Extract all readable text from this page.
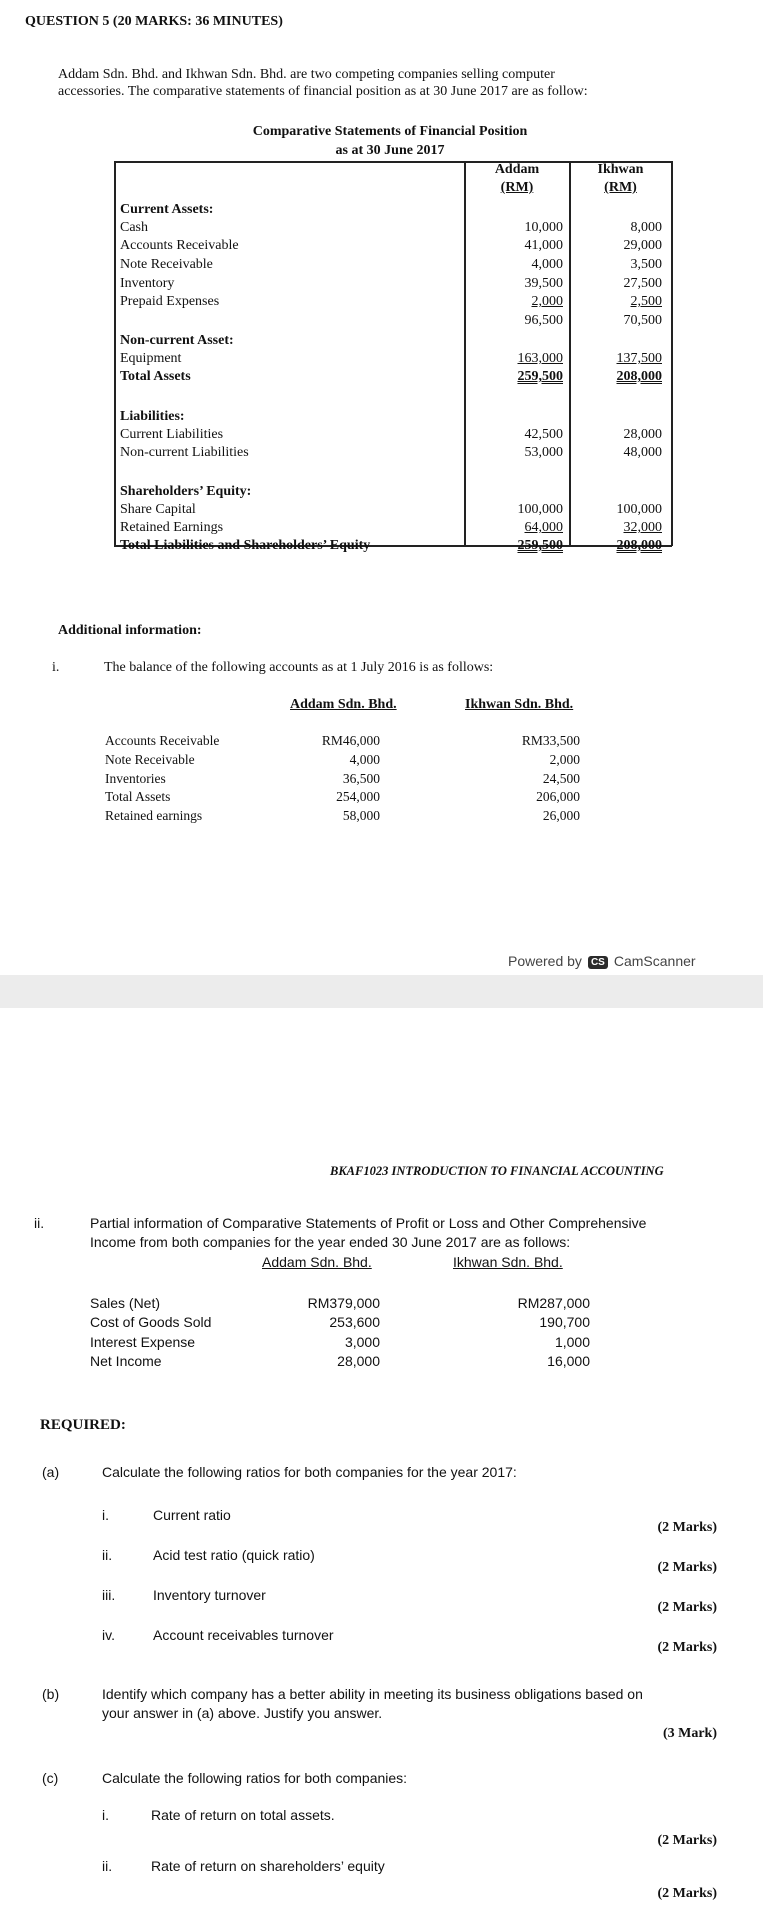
QUESTION 5 (20 MARKS: 36 MINUTES)
Addam Sdn. Bhd. and Ikhwan Sdn. Bhd. are two competing companies selling computer
accessories. The comparative statements of financial position as at 30 June 2017 are as follow:
Comparative Statements of Financial Position
as at 30 June 2017
Addam
(RM)
Ikhwan
(RM)
Current Assets:
Cash	10,000	8,000
Accounts Receivable	41,000	29,000
Note Receivable	4,000	3,500
Inventory	39,500	27,500
Prepaid Expenses	2,000	2,500
96,500	70,500
Non-current Asset:
Equipment	163,000	137,500
Total Assets	259,500	208,000
Liabilities:
Current Liabilities	42,500	28,000
Non-current Liabilities	53,000	48,000
Shareholders’ Equity:
Share Capital	100,000	100,000
Retained Earnings	64,000	32,000
Total Liabilities and Shareholders’ Equity	259,500	208,000
Additional information:
i.	The balance of the following accounts as at 1 July 2016 is as follows:
Addam Sdn. Bhd.	Ikhwan Sdn. Bhd.
Accounts Receivable	RM46,000	RM33,500
Note Receivable	4,000	2,000
Inventories	36,500	24,500
Total Assets	254,000	206,000
Retained earnings	58,000	26,000
Powered by CS CamScanner
BKAF1023 INTRODUCTION TO FINANCIAL ACCOUNTING
ii.	Partial information of Comparative Statements of Profit or Loss and Other Comprehensive
Income from both companies for the year ended 30 June 2017 are as follows:
Addam Sdn. Bhd.	Ikhwan Sdn. Bhd.
Sales (Net)	RM379,000	RM287,000
Cost of Goods Sold	253,600	190,700
Interest Expense	3,000	1,000
Net Income	28,000	16,000
REQUIRED:
(a)	Calculate the following ratios for both companies for the year 2017:
i.	Current ratio
(2 Marks)
ii.	Acid test ratio (quick ratio)
(2 Marks)
iii.	Inventory turnover
(2 Marks)
iv.	Account receivables turnover
(2 Marks)
(b)	Identify which company has a better ability in meeting its business obligations based on
your answer in (a) above. Justify you answer.
(3 Mark)
(c)	Calculate the following ratios for both companies:
i.	Rate of return on total assets.
(2 Marks)
ii.	Rate of return on shareholders’ equity
(2 Marks)
